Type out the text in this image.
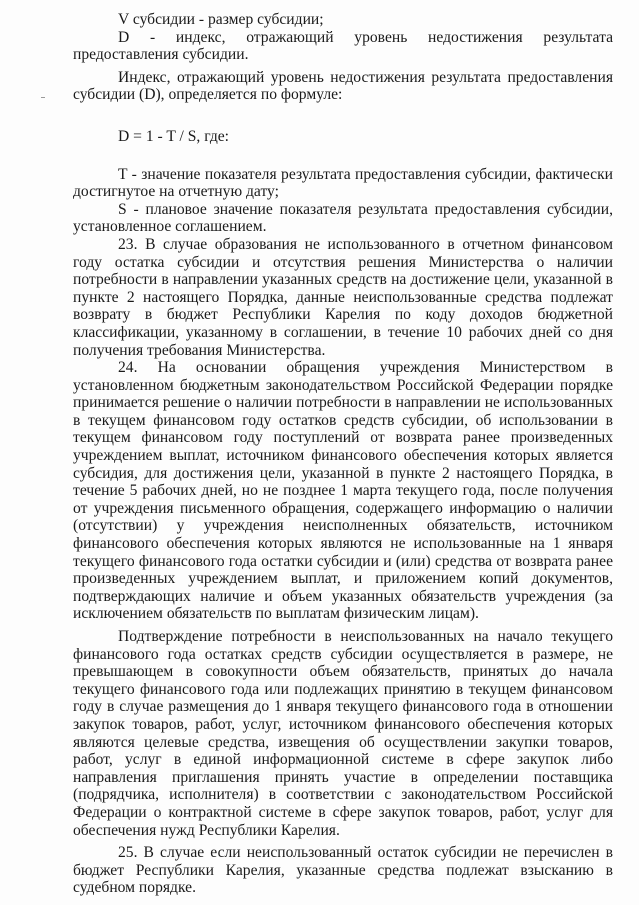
V субсидии - размер субсидии;

D - индекс, отражающий уровень недостижения результата предоставления субсидии.

Индекс, отражающий уровень недостижения результата предоставления субсидии (D), определяется по формуле:

D = 1 - T / S, где:

T - значение показателя результата предоставления субсидии, фактически достигнутое на отчетную дату;

S - плановое значение показателя результата предоставления субсидии, установленное соглашением.

23. В случае образования не использованного в отчетном финансовом году остатка субсидии и отсутствия решения Министерства о наличии потребности в направлении указанных средств на достижение цели, указанной в пункте 2 настоящего Порядка, данные неиспользованные средства подлежат возврату в бюджет Республики Карелия по коду доходов бюджетной классификации, указанному в соглашении, в течение 10 рабочих дней со дня получения требования Министерства.

24. На основании обращения учреждения Министерством в установленном бюджетным законодательством Российской Федерации порядке принимается решение о наличии потребности в направлении не использованных в текущем финансовом году остатков средств субсидии, об использовании в текущем финансовом году поступлений от возврата ранее произведенных учреждением выплат, источником финансового обеспечения которых является субсидия, для достижения цели, указанной в пункте 2 настоящего Порядка, в течение 5 рабочих дней, но не позднее 1 марта текущего года, после получения от учреждения письменного обращения, содержащего информацию о наличии (отсутствии) у учреждения неисполненных обязательств, источником финансового обеспечения которых являются не использованные на 1 января текущего финансового года остатки субсидии и (или) средства от возврата ранее произведенных учреждением выплат, и приложением копий документов, подтверждающих наличие и объем указанных обязательств учреждения (за исключением обязательств по выплатам физическим лицам).

Подтверждение потребности в неиспользованных на начало текущего финансового года остатках средств субсидии осуществляется в размере, не превышающем в совокупности объем обязательств, принятых до начала текущего финансового года или подлежащих принятию в текущем финансовом году в случае размещения до 1 января текущего финансового года в отношении закупок товаров, работ, услуг, источником финансового обеспечения которых являются целевые средства, извещения об осуществлении закупки товаров, работ, услуг в единой информационной системе в сфере закупок либо направления приглашения принять участие в определении поставщика (подрядчика, исполнителя) в соответствии с законодательством Российской Федерации о контрактной системе в сфере закупок товаров, работ, услуг для обеспечения нужд Республики Карелия.

25. В случае если неиспользованный остаток субсидии не перечислен в бюджет Республики Карелия, указанные средства подлежат взысканию в судебном порядке.
